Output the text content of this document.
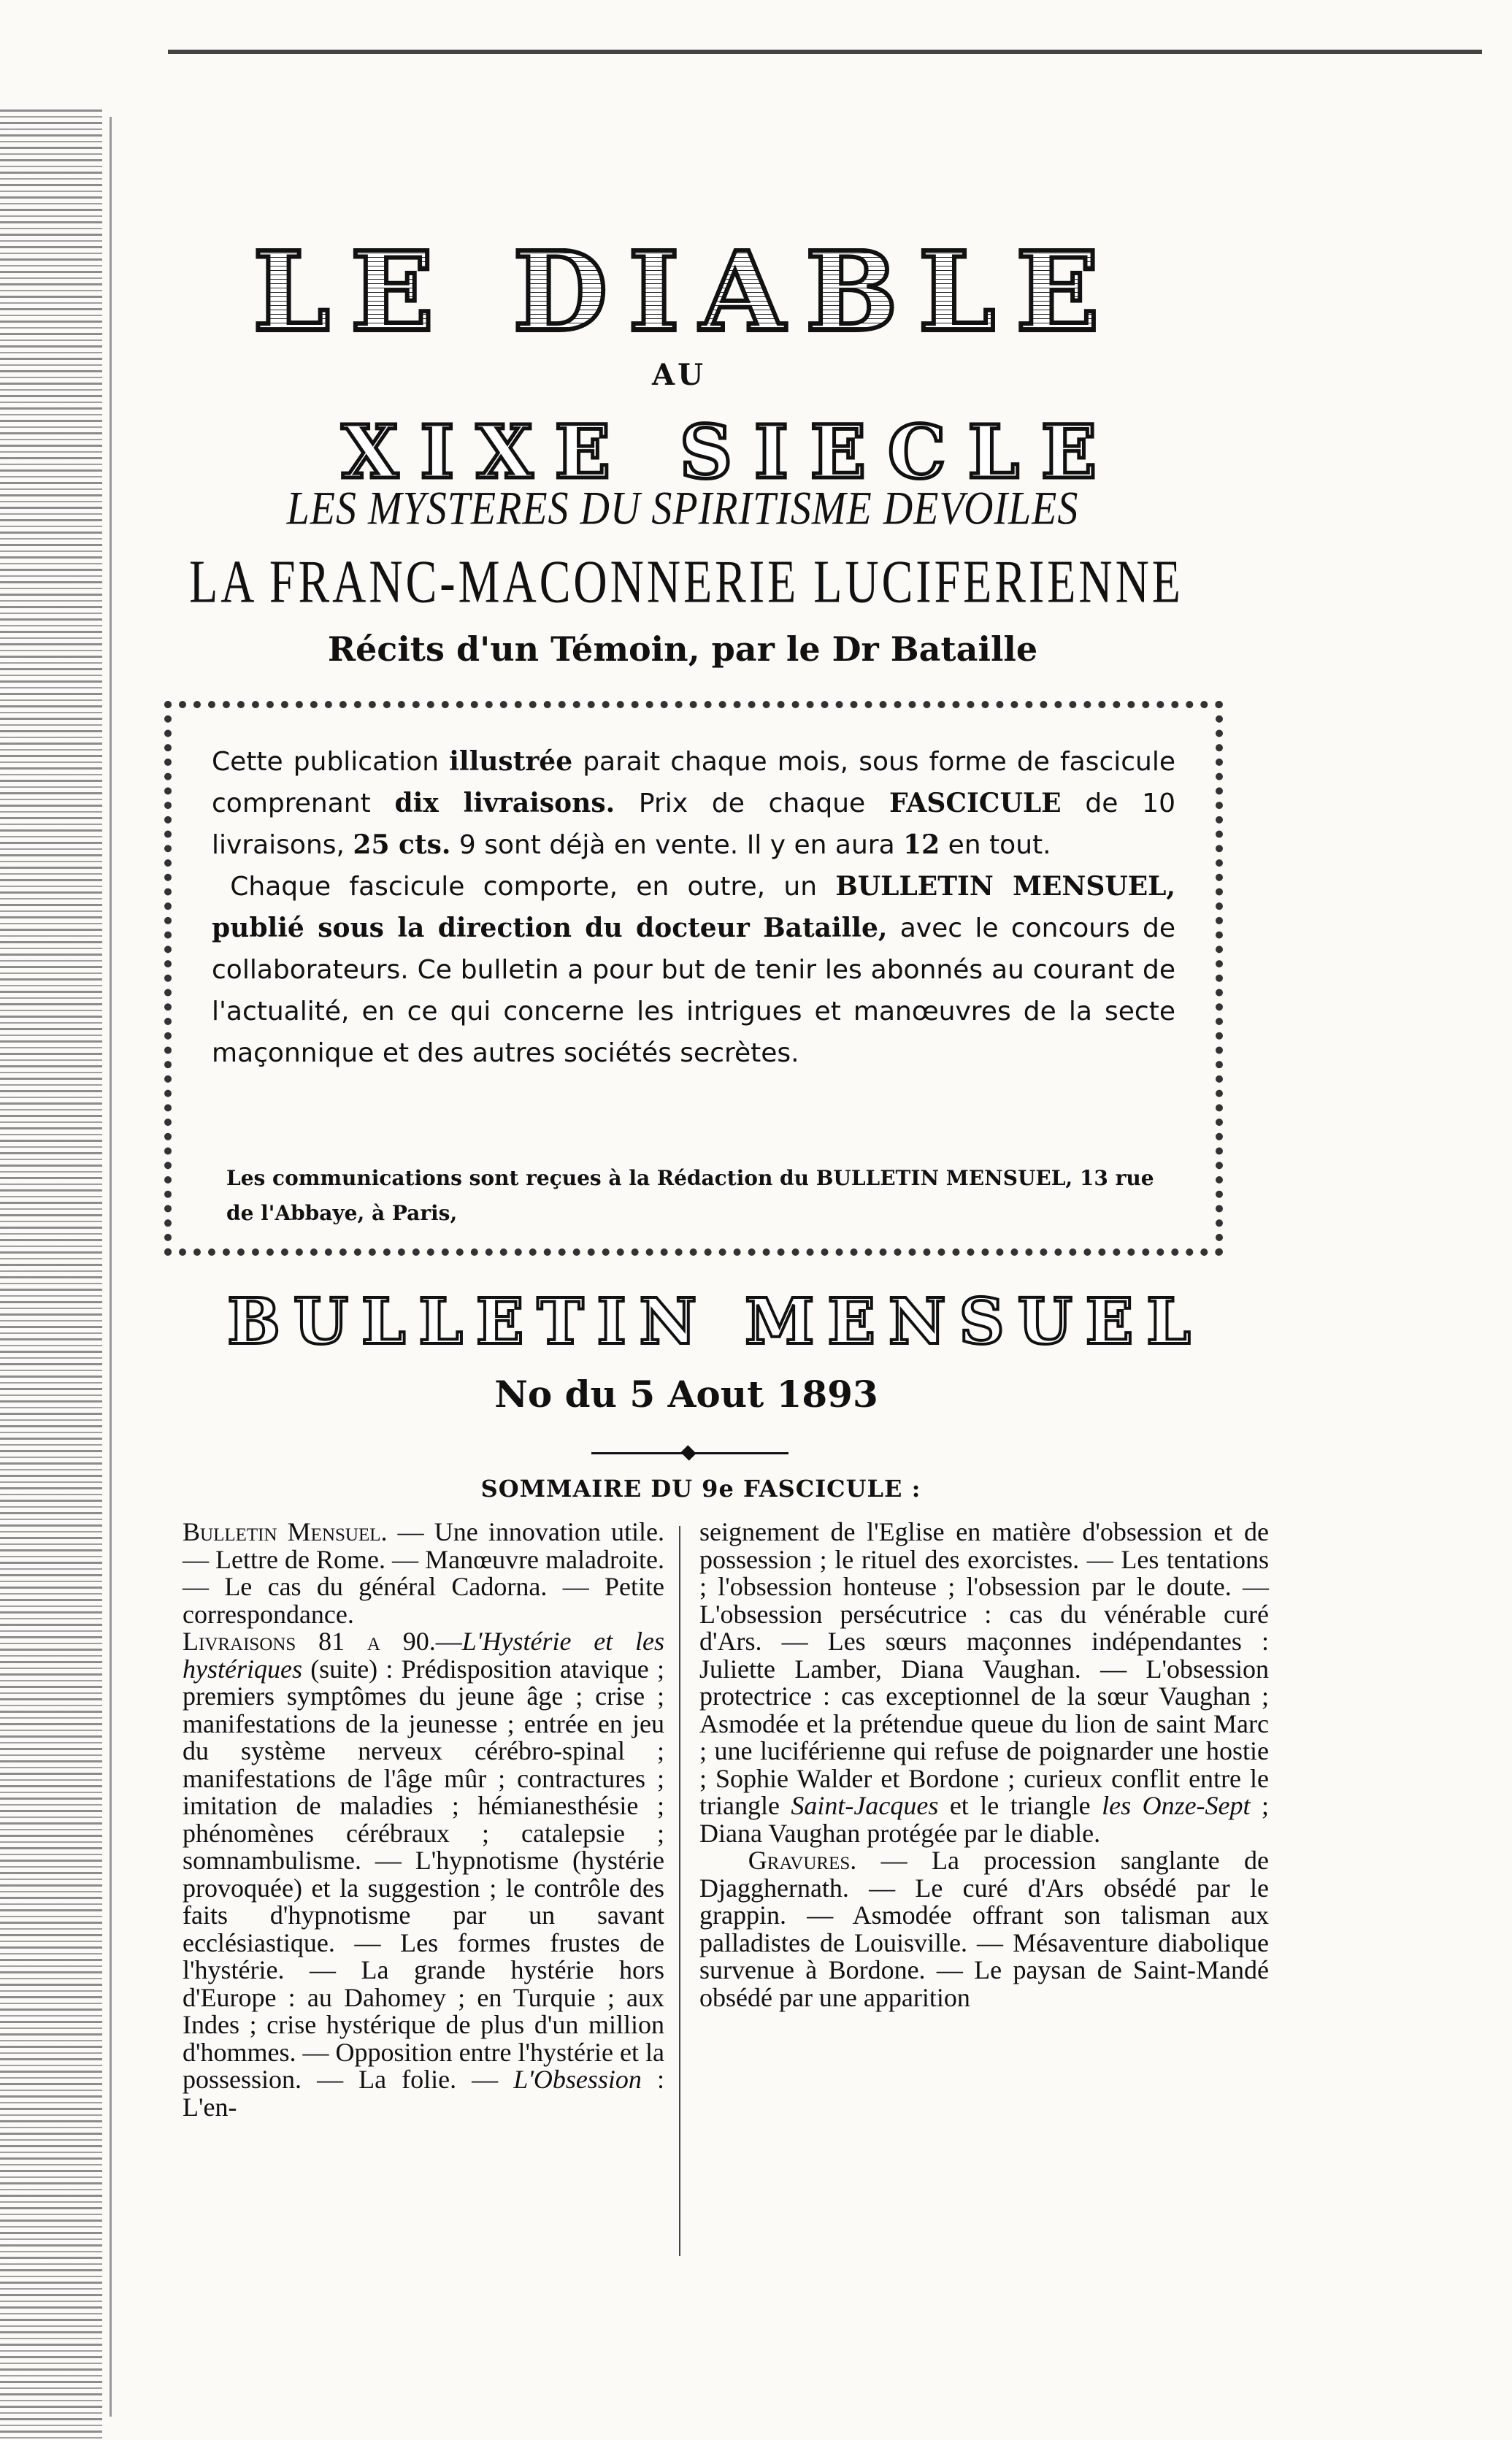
LE DIABLE
AU
XIXE SIECLE
LES MYSTERES DU SPIRITISME DEVOILES
LA FRANC-MACONNERIE LUCIFERIENNE
Récits d'un Témoin, par le Dr Bataille
Cette publication illustrée parait chaque mois, sous forme de fascicule comprenant dix livraisons. Prix de chaque FASCICULE de 10 livraisons, 25 cts. 9 sont déjà en vente. Il y en aura 12 en tout.
Chaque fascicule comporte, en outre, un BULLETIN MENSUEL, publié sous la direction du docteur Bataille, avec le concours de collaborateurs. Ce bulletin a pour but de tenir les abonnés au courant de l'actualité, en ce qui concerne les intrigues et manœuvres de la secte maçonnique et des autres sociétés secrètes.
Les communications sont reçues à la Rédaction du BULLETIN MENSUEL, 13 rue de l'Abbaye, à Paris,
BULLETIN MENSUEL
No du 5 Aout 1893
SOMMAIRE DU 9e FASCICULE :

Bulletin Mensuel. — Une innovation utile. — Lettre de Rome. — Manœuvre maladroite. — Le cas du général Cadorna. — Petite correspondance.

Livraisons 81 a 90.—L'Hystérie et les hystériques (suite) : Prédisposition atavique ; premiers symptômes du jeune âge ; crise ; manifestations de la jeunesse ; entrée en jeu du système nerveux cérébro-spinal ; manifestations de l'âge mûr ; contractures ; imitation de maladies ; hémianesthésie ; phénomènes cérébraux ; catalepsie ; somnambulisme. — L'hypnotisme (hystérie provoquée) et la suggestion ; le contrôle des faits d'hypnotisme par un savant ecclésiastique. — Les formes frustes de l'hystérie. — La grande hystérie hors d'Europe : au Dahomey ; en Turquie ; aux Indes ; crise hystérique de plus d'un million d'hommes. — Opposition entre l'hystérie et la possession. — La folie. — L'Obsession : L'en-

seignement de l'Eglise en matière d'obsession et de possession ; le rituel des exorcistes. — Les tentations ; l'obsession honteuse ; l'obsession par le doute. — L'obsession persécutrice : cas du vénérable curé d'Ars. — Les sœurs maçonnes indépendantes : Juliette Lamber, Diana Vaughan. — L'obsession protectrice : cas exceptionnel de la sœur Vaughan ; Asmodée et la prétendue queue du lion de saint Marc ; une luciférienne qui refuse de poignarder une hostie ; Sophie Walder et Bordone ; curieux conflit entre le triangle Saint-Jacques et le triangle les Onze-Sept ; Diana Vaughan protégée par le diable.

Gravures. — La procession sanglante de Djagghernath. — Le curé d'Ars obsédé par le grappin. — Asmodée offrant son talisman aux palladistes de Louisville. — Mésaventure diabolique survenue à Bordone. — Le paysan de Saint-Mandé obsédé par une apparition
